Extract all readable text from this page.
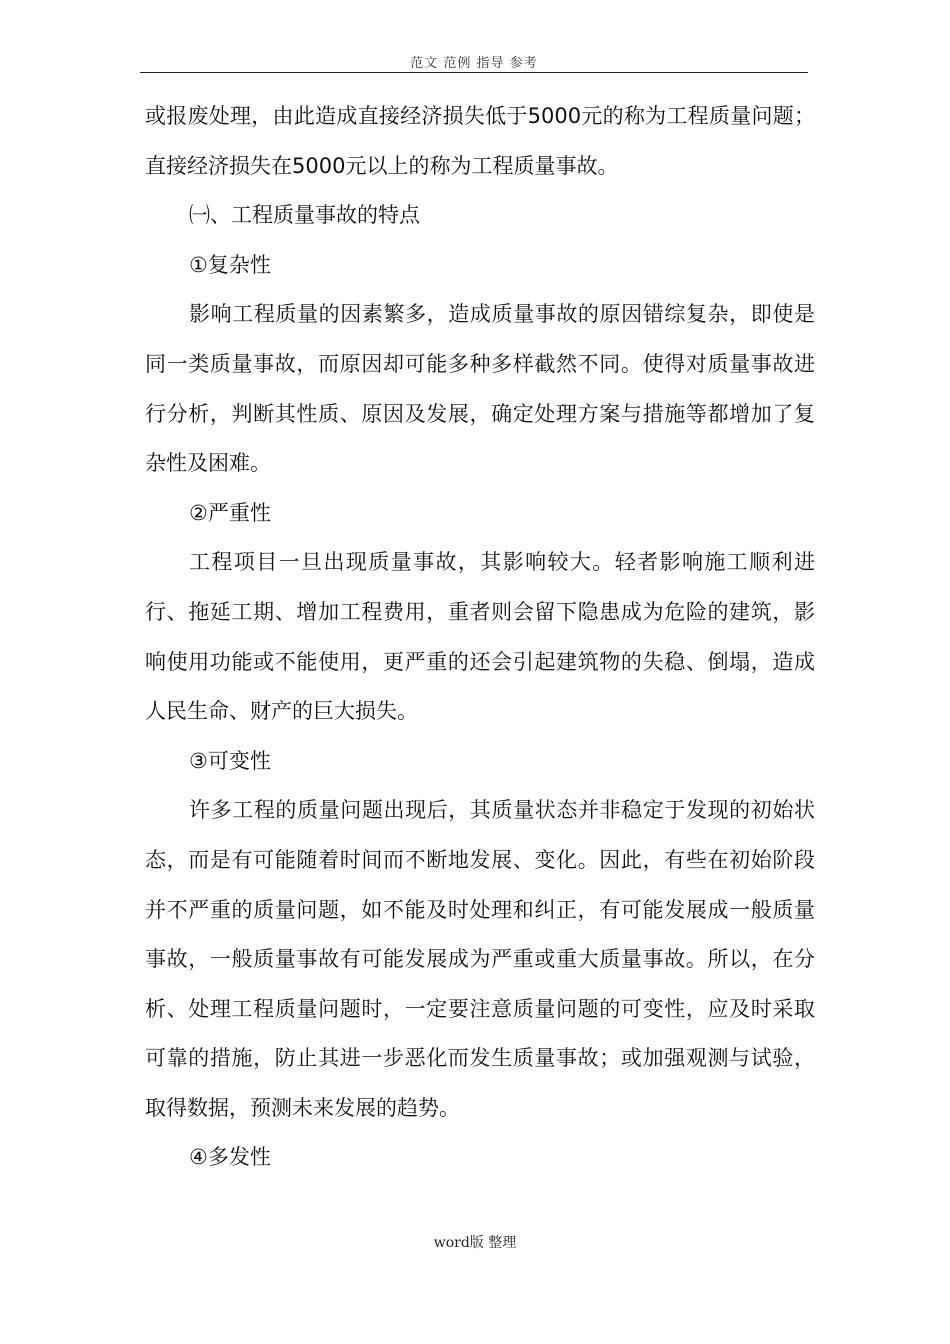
范文 范例 指导 参考

或报废处理，由此造成直接经济损失低于5000元的称为工程质量问题；直接经济损失在5000元以上的称为工程质量事故。

㈠、工程质量事故的特点

①复杂性

影响工程质量的因素繁多，造成质量事故的原因错综复杂，即使是同一类质量事故，而原因却可能多种多样截然不同。使得对质量事故进行分析，判断其性质、原因及发展，确定处理方案与措施等都增加了复杂性及困难。

②严重性

工程项目一旦出现质量事故，其影响较大。轻者影响施工顺利进行、拖延工期、增加工程费用，重者则会留下隐患成为危险的建筑，影响使用功能或不能使用，更严重的还会引起建筑物的失稳、倒塌，造成人民生命、财产的巨大损失。

③可变性

许多工程的质量问题出现后，其质量状态并非稳定于发现的初始状态，而是有可能随着时间而不断地发展、变化。因此，有些在初始阶段并不严重的质量问题，如不能及时处理和纠正，有可能发展成一般质量事故，一般质量事故有可能发展成为严重或重大质量事故。所以，在分析、处理工程质量问题时，一定要注意质量问题的可变性，应及时采取可靠的措施，防止其进一步恶化而发生质量事故；或加强观测与试验，取得数据，预测未来发展的趋势。

④多发性

word版 整理
